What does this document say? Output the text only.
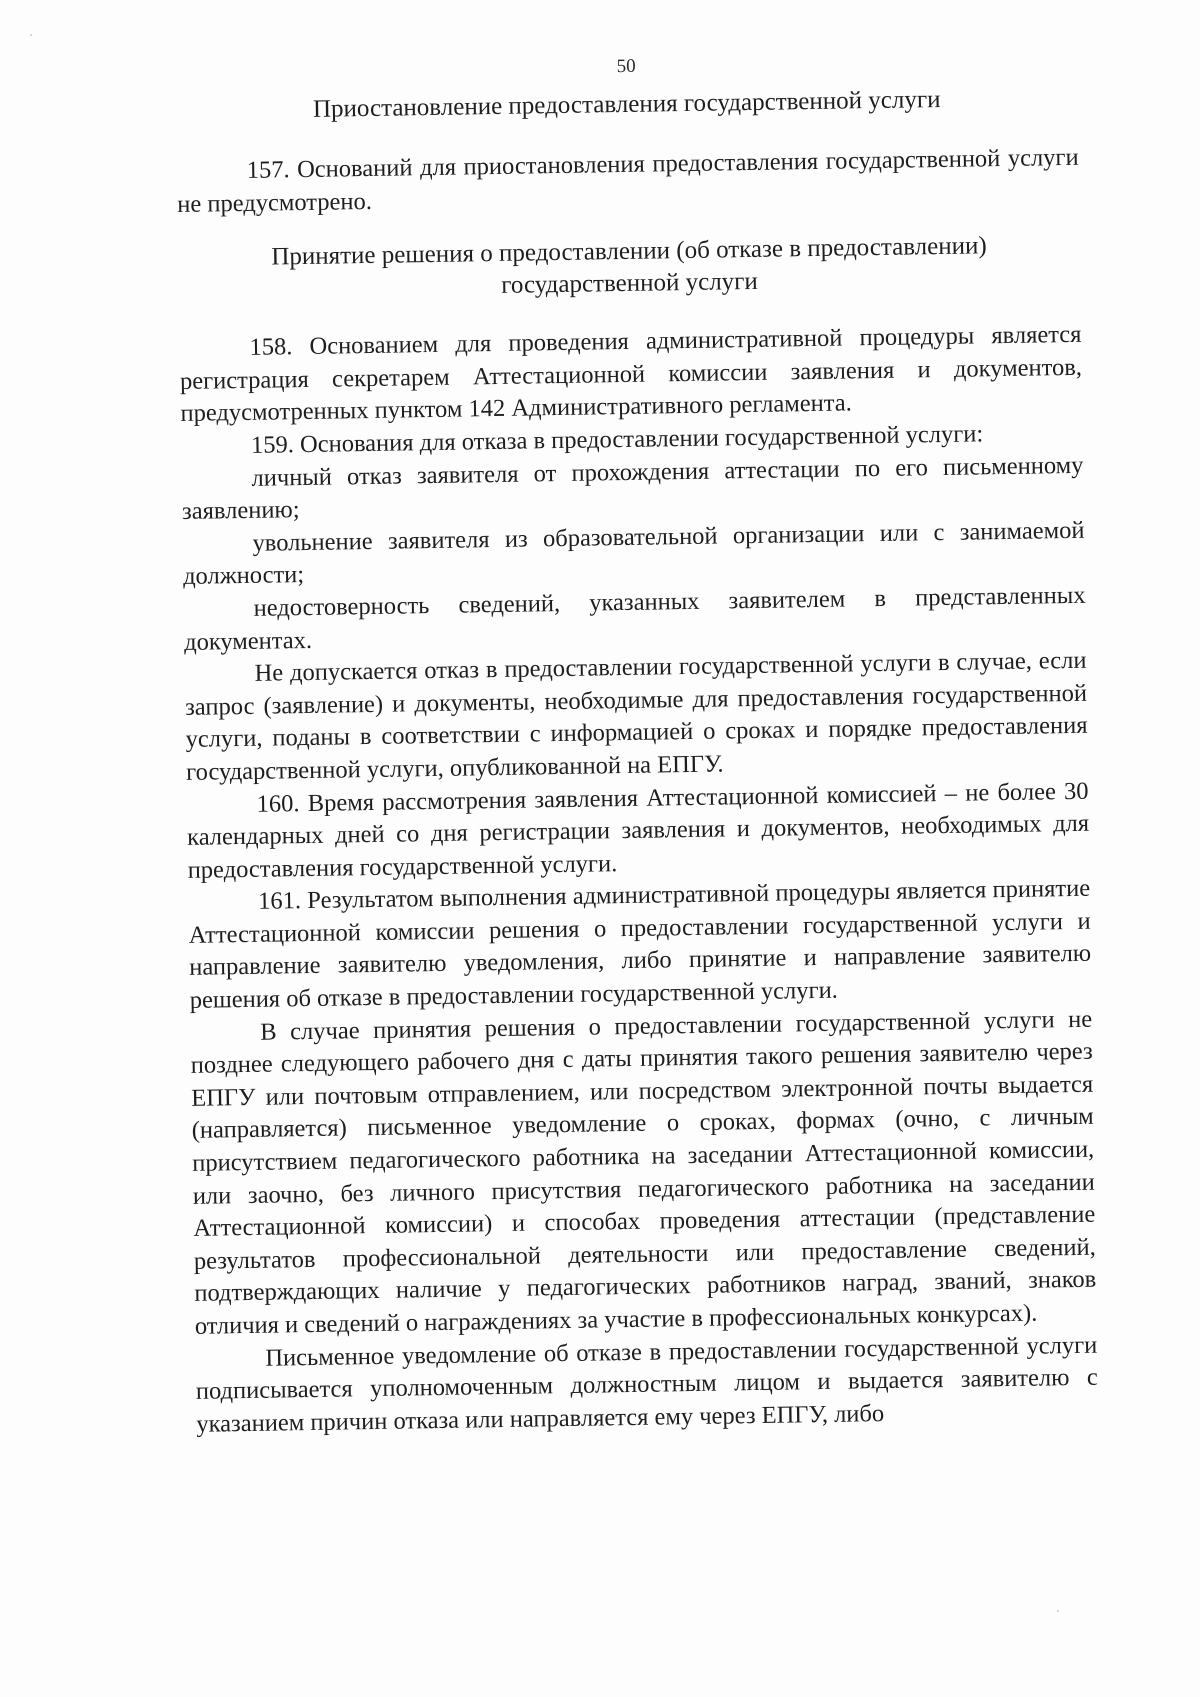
50
Приостановление предоставления государственной услуги

157. Оснований для приостановления предоставления государственной услуги не предусмотрено.

Принятие решения о предоставлении (об отказе в предоставлении)
государственной услуги

158. Основанием для проведения административной процедуры является регистрация секретарем Аттестационной комиссии заявления и документов, предусмотренных пунктом 142 Административного регламента.

159. Основания для отказа в предоставлении государственной услуги:

личный отказ заявителя от прохождения аттестации по его письменному заявлению;

увольнение заявителя из образовательной организации или с занимаемой должности;

недостоверность сведений, указанных заявителем в представленных документах.

Не допускается отказ в предоставлении государственной услуги в случае, если запрос (заявление) и документы, необходимые для предоставления государственной услуги, поданы в соответствии с информацией о сроках и порядке предоставления государственной услуги, опубликованной на ЕПГУ.

160. Время рассмотрения заявления Аттестационной комиссией – не более 30 календарных дней со дня регистрации заявления и документов, необходимых для предоставления государственной услуги.

161. Результатом выполнения административной процедуры является принятие Аттестационной комиссии решения о предоставлении государственной услуги и направление заявителю уведомления, либо принятие и направление заявителю решения об отказе в предоставлении государственной услуги.

В случае принятия решения о предоставлении государственной услуги не позднее следующего рабочего дня с даты принятия такого решения заявителю через ЕПГУ или почтовым отправлением, или посредством электронной почты выдается (направляется) письменное уведомление о сроках, формах (очно, с личным присутствием педагогического работника на заседании Аттестационной комиссии, или заочно, без личного присутствия педагогического работника на заседании Аттестационной комиссии) и способах проведения аттестации (представление результатов профессиональной деятельности или предоставление сведений, подтверждающих наличие у педагогических работников наград, званий, знаков отличия и сведений о награждениях за участие в профессиональных конкурсах).

Письменное уведомление об отказе в предоставлении государственной услуги подписывается уполномоченным должностным лицом и выдается заявителю с указанием причин отказа или направляется ему через ЕПГУ, либо
